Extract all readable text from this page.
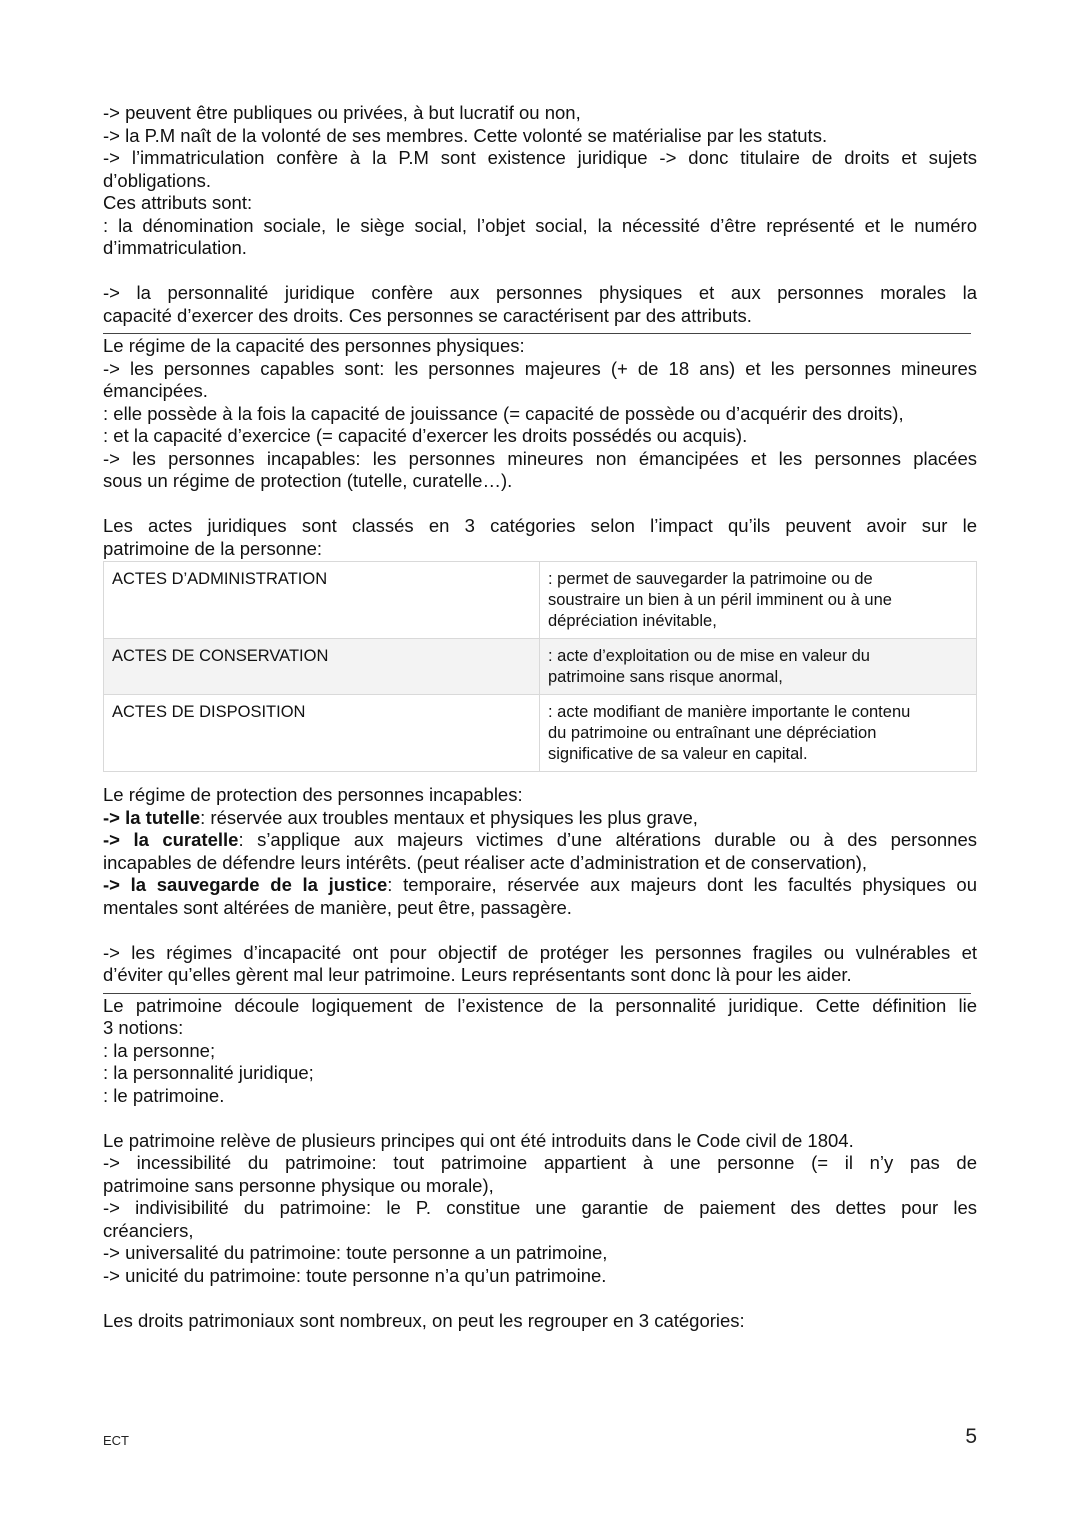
-> peuvent être publiques ou privées, à but lucratif ou non,
-> la P.M naît de la volonté de ses membres. Cette volonté se matérialise par les statuts.
-> l’immatriculation confère à la P.M sont existence juridique -> donc titulaire de droits et sujets
d’obligations.
Ces attributs sont:
: la dénomination sociale, le siège social, l’objet social, la nécessité d’être représenté et le numéro
d’immatriculation.
-> la personnalité juridique confère aux personnes physiques et aux personnes morales la
capacité d’exercer des droits. Ces personnes se caractérisent par des attributs.
Le régime de la capacité des personnes physiques:
-> les personnes capables sont: les personnes majeures (+ de 18 ans) et les personnes mineures
émancipées.
: elle possède à la fois la capacité de jouissance (= capacité de possède ou d’acquérir des droits),
: et la capacité d’exercice (= capacité d’exercer les droits possédés ou acquis).
-> les personnes incapables: les personnes mineures non émancipées et les personnes placées
sous un régime de protection (tutelle, curatelle…).
Les actes juridiques sont classés en 3 catégories selon l’impact qu’ils peuvent avoir sur le
patrimoine de la personne:
ACTES D’ADMINISTRATION	: permet de sauvegarder la patrimoine ou de
soustraire un bien à un péril imminent ou à une
dépréciation inévitable,

ACTES DE CONSERVATION	: acte d’exploitation ou de mise en valeur du
patrimoine sans risque anormal,

ACTES DE DISPOSITION	: acte modifiant de manière importante le contenu
du patrimoine ou entraînant une dépréciation
significative de sa valeur en capital.
Le régime de protection des personnes incapables:
-> la tutelle: réservée aux troubles mentaux et physiques les plus grave,
-> la curatelle: s’applique aux majeurs victimes d’une altérations durable ou à des personnes
incapables de défendre leurs intérêts. (peut réaliser acte d’administration et de conservation),
-> la sauvegarde de la justice: temporaire, réservée aux majeurs dont les facultés physiques ou
mentales sont altérées de manière, peut être, passagère.
-> les régimes d’incapacité ont pour objectif de protéger les personnes fragiles ou vulnérables et
d’éviter qu’elles gèrent mal leur patrimoine. Leurs représentants sont donc là pour les aider.
Le patrimoine découle logiquement de l’existence de la personnalité juridique. Cette définition lie
3 notions:
: la personne;
: la personnalité juridique;
: le patrimoine.
Le patrimoine relève de plusieurs principes qui ont été introduits dans le Code civil de 1804.
-> incessibilité du patrimoine: tout patrimoine appartient à une personne (= il n’y pas de
patrimoine sans personne physique ou morale),
-> indivisibilité du patrimoine: le P. constitue une garantie de paiement des dettes pour les
créanciers,
-> universalité du patrimoine: toute personne a un patrimoine,
-> unicité du patrimoine: toute personne n’a qu’un patrimoine.
Les droits patrimoniaux sont nombreux, on peut les regrouper en 3 catégories:
ECT	5
